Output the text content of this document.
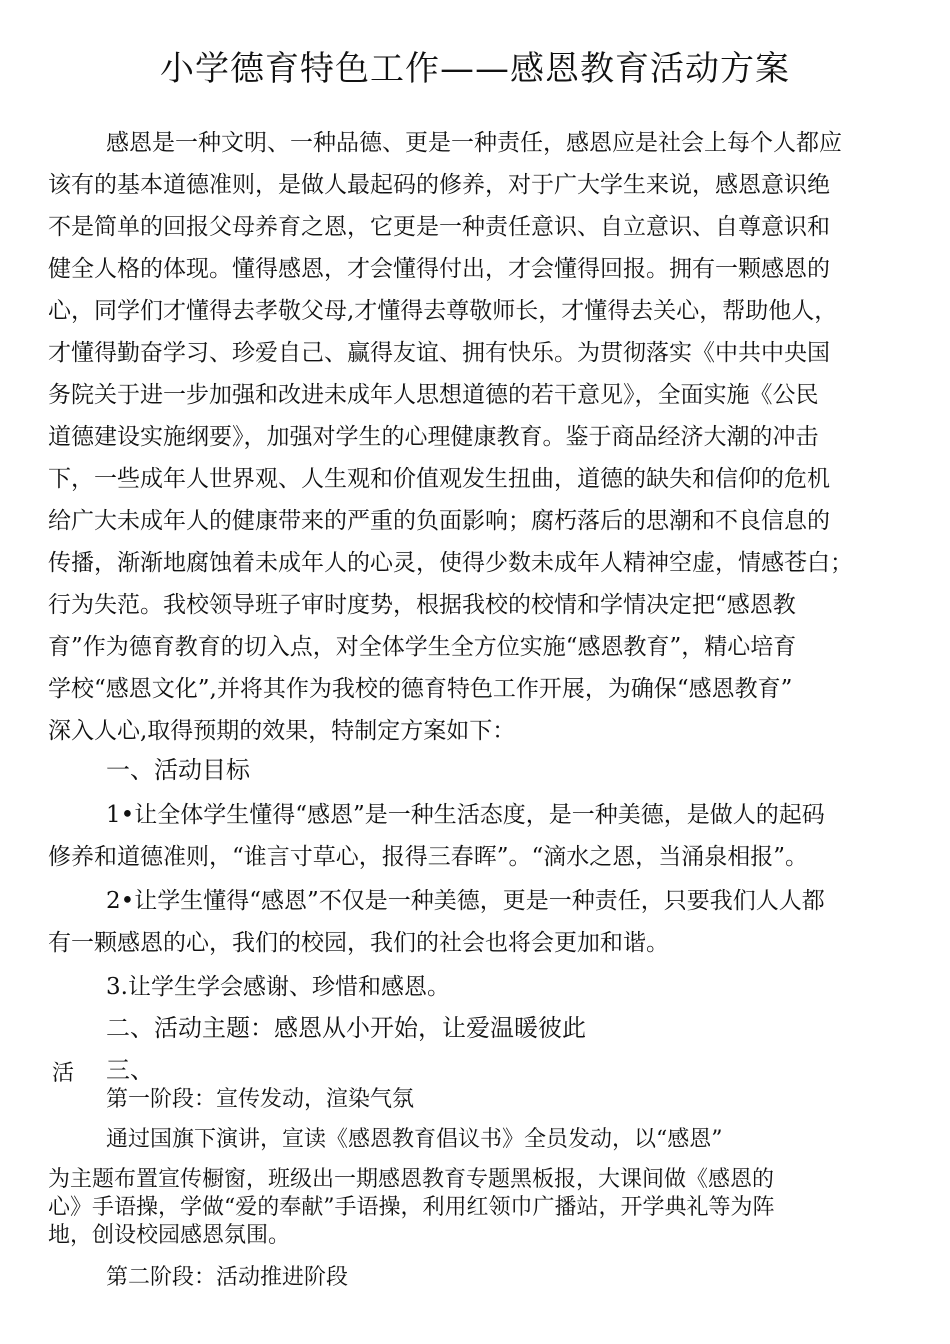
小学德育特色工作——感恩教育活动方案
感恩是一种文明、一种品德、更是一种责任，感恩应是社会上每个人都应
该有的基本道德准则，是做人最起码的修养，对于广大学生来说，感恩意识绝
不是简单的回报父母养育之恩，它更是一种责任意识、自立意识、自尊意识和
健全人格的体现。懂得感恩，才会懂得付出，才会懂得回报。拥有一颗感恩的
心，同学们才懂得去孝敬父母,才懂得去尊敬师长，才懂得去关心，帮助他人，
才懂得勤奋学习、珍爱自己、赢得友谊、拥有快乐。为贯彻落实《中共中央国
务院关于进一步加强和改进未成年人思想道德的若干意见》，全面实施《公民
道德建设实施纲要》，加强对学生的心理健康教育。鉴于商品经济大潮的冲击
下，一些成年人世界观、人生观和价值观发生扭曲，道德的缺失和信仰的危机
给广大未成年人的健康带来的严重的负面影响；腐朽落后的思潮和不良信息的
传播，渐渐地腐蚀着未成年人的心灵，使得少数未成年人精神空虚，情感苍白；
行为失范。我校领导班子审时度势，根据我校的校情和学情决定把“感恩教
育”作为德育教育的切入点，对全体学生全方位实施“感恩教育”，精心培育
学校“感恩文化”,并将其作为我校的德育特色工作开展，为确保“感恩教育”
深入人心,取得预期的效果，特制定方案如下：
一、活动目标
1•让全体学生懂得“感恩”是一种生活态度，是一种美德，是做人的起码
修养和道德准则，“谁言寸草心，报得三春晖”。“滴水之恩，当涌泉相报”。
2•让学生懂得“感恩”不仅是一种美德，更是一种责任，只要我们人人都
有一颗感恩的心，我们的校园，我们的社会也将会更加和谐。
3.让学生学会感谢、珍惜和感恩。
二、活动主题：感恩从小开始，让爱温暖彼此
活 三、
第一阶段：宣传发动，渲染气氛
通过国旗下演讲，宣读《感恩教育倡议书》全员发动，以“感恩”
为主题布置宣传橱窗，班级出一期感恩教育专题黑板报，大课间做《感恩的
心》手语操，学做“爱的奉献”手语操，利用红领巾广播站，开学典礼等为阵
地，创设校园感恩氛围。
第二阶段：活动推进阶段
